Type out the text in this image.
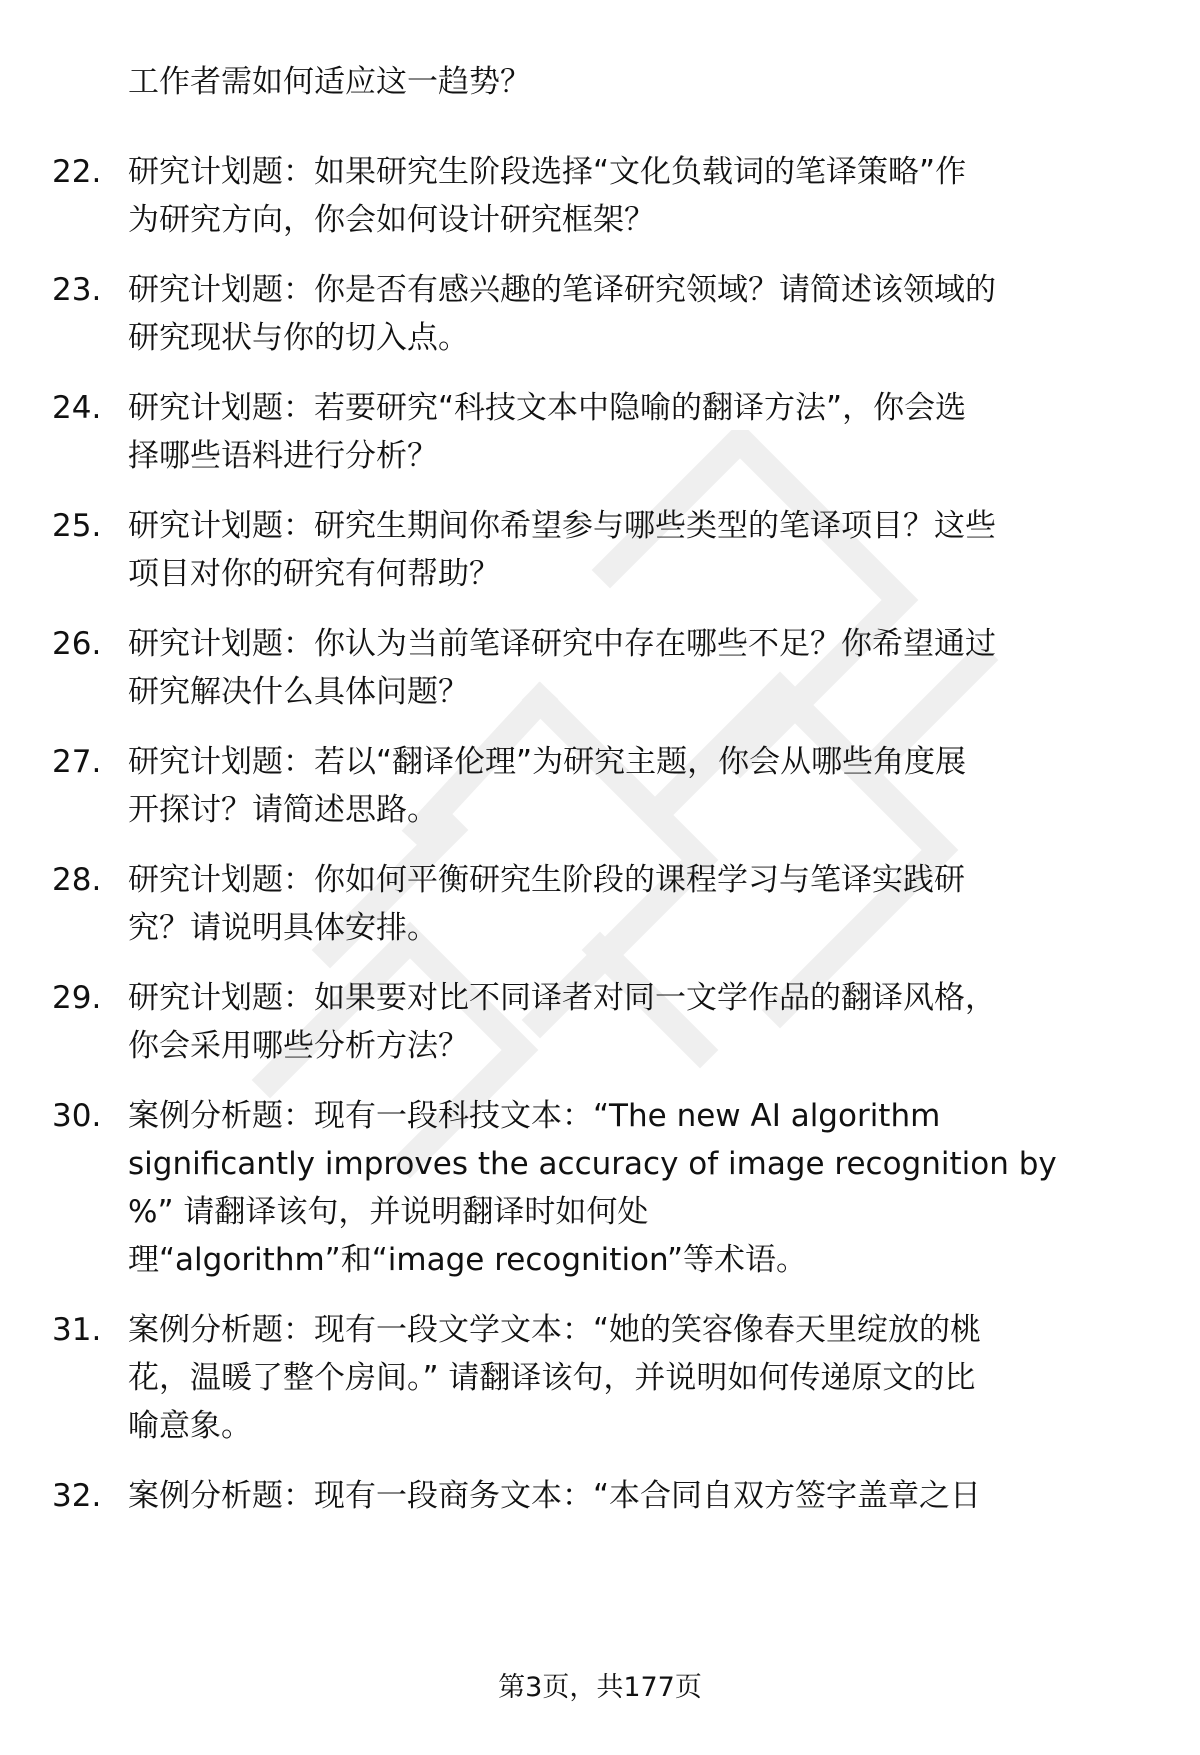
工作者需如何适应这一趋势？
22. 研究计划题：如果研究生阶段选择“文化负载词的笔译策略”作
为研究方向，你会如何设计研究框架？
23. 研究计划题：你是否有感兴趣的笔译研究领域？请简述该领域的
研究现状与你的切入点。
24. 研究计划题：若要研究“科技文本中隐喻的翻译方法”，你会选
择哪些语料进行分析？
25. 研究计划题：研究生期间你希望参与哪些类型的笔译项目？这些
项目对你的研究有何帮助？
26. 研究计划题：你认为当前笔译研究中存在哪些不足？你希望通过
研究解决什么具体问题？
27. 研究计划题：若以“翻译伦理”为研究主题，你会从哪些角度展
开探讨？请简述思路。
28. 研究计划题：你如何平衡研究生阶段的课程学习与笔译实践研
究？请说明具体安排。
29. 研究计划题：如果要对比不同译者对同一文学作品的翻译风格，
你会采用哪些分析方法？
30. 案例分析题：现有一段科技文本：“The new AI algorithm
significantly improves the accuracy of image recognition by
%” 请翻译该句，并说明翻译时如何处
理“algorithm”和“image recognition”等术语。
31. 案例分析题：现有一段文学文本：“她的笑容像春天里绽放的桃
花，温暖了整个房间。” 请翻译该句，并说明如何传递原文的比
喻意象。
32. 案例分析题：现有一段商务文本：“本合同自双方签字盖章之日
第3页，共177页
